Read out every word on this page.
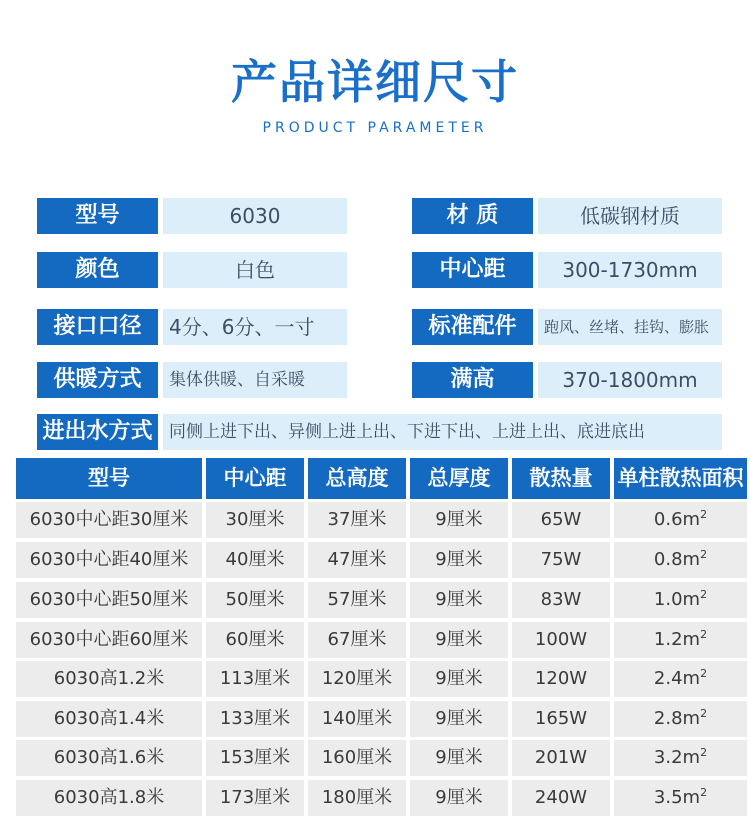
产品详细尺寸
PRODUCT PARAMETER
型号	6030
颜色	白色
接口口径	4分、6分、一寸
供暖方式	集体供暖、自采暖
材 质	低碳钢材质
中心距	300-1730mm
标准配件	跑风、丝堵、挂钩、膨胀
满高	370-1800mm
进出水方式 同侧上进下出、异侧上进上出、下进下出、上进上出、底进底出
型号	中心距	总高度	总厚度	散热量	单柱散热面积
6030中心距30厘米	30厘米	37厘米	9厘米	65W	$0.6m^2$
6030中心距40厘米	40厘米	47厘米	9厘米	75W	$0.8m^2$
6030中心距50厘米	50厘米	57厘米	9厘米	83W	$1.0m^2$
6030中心距60厘米	60厘米	67厘米	9厘米	100W	$1.2m^2$
6030高1.2米	113厘米	120厘米	9厘米	120W	$2.4m^2$
6030高1.4米	133厘米	140厘米	9厘米	165W	$2.8m^2$
6030高1.6米	153厘米	160厘米	9厘米	201W	$3.2m^2$
6030高1.8米	173厘米	180厘米	9厘米	240W	$3.5m^2$
